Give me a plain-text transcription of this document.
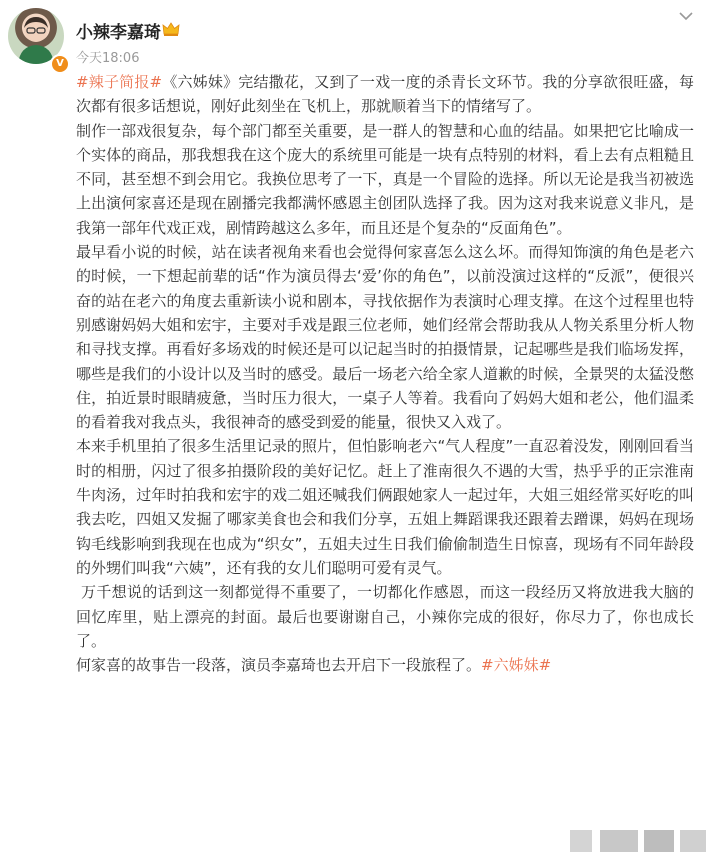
V
小辣李嘉琦
今天18:06

#辣子简报#《六姊妹》完结撒花，又到了一戏一度的杀青长文环节。我的分享欲很旺盛，每次都有很多话想说，刚好此刻坐在飞机上，那就顺着当下的情绪写了。

制作一部戏很复杂，每个部门都至关重要，是一群人的智慧和心血的结晶。如果把它比喻成一个实体的商品，那我想我在这个庞大的系统里可能是一块有点特别的材料，看上去有点粗糙且不同，甚至想不到会用它。我换位思考了一下，真是一个冒险的选择。所以无论是我当初被选上出演何家喜还是现在剧播完我都满怀感恩主创团队选择了我。因为这对我来说意义非凡，是我第一部年代戏正戏，剧情跨越这么多年，而且还是个复杂的“反面角色”。

最早看小说的时候，站在读者视角来看也会觉得何家喜怎么这么坏。而得知饰演的角色是老六的时候，一下想起前辈的话“作为演员得去‘爱’你的角色”，以前没演过这样的“反派”，便很兴奋的站在老六的角度去重新读小说和剧本，寻找依据作为表演时心理支撑。在这个过程里也特别感谢妈妈大姐和宏宇，主要对手戏是跟三位老师，她们经常会帮助我从人物关系里分析人物和寻找支撑。再看好多场戏的时候还是可以记起当时的拍摄情景，记起哪些是我们临场发挥，哪些是我们的小设计以及当时的感受。最后一场老六给全家人道歉的时候，全景哭的太猛没憋住，拍近景时眼睛疲惫，当时压力很大，一桌子人等着。我看向了妈妈大姐和老公，他们温柔的看着我对我点头，我很神奇的感受到爱的能量，很快又入戏了。

本来手机里拍了很多生活里记录的照片，但怕影响老六“气人程度”一直忍着没发，刚刚回看当时的相册，闪过了很多拍摄阶段的美好记忆。赶上了淮南很久不遇的大雪，热乎乎的正宗淮南牛肉汤，过年时拍我和宏宇的戏二姐还喊我们俩跟她家人一起过年，大姐三姐经常买好吃的叫我去吃，四姐又发掘了哪家美食也会和我们分享，五姐上舞蹈课我还跟着去蹭课，妈妈在现场钩毛线影响到我现在也成为“织女”，五姐夫过生日我们偷偷制造生日惊喜，现场有不同年龄段的外甥们叫我“六姨”，还有我的女儿们聪明可爱有灵气。

万千想说的话到这一刻都觉得不重要了，一切都化作感恩，而这一段经历又将放进我大脑的回忆库里，贴上漂亮的封面。最后也要谢谢自己，小辣你完成的很好，你尽力了，你也成长了。

何家喜的故事告一段落，演员李嘉琦也去开启下一段旅程了。#六姊妹#
